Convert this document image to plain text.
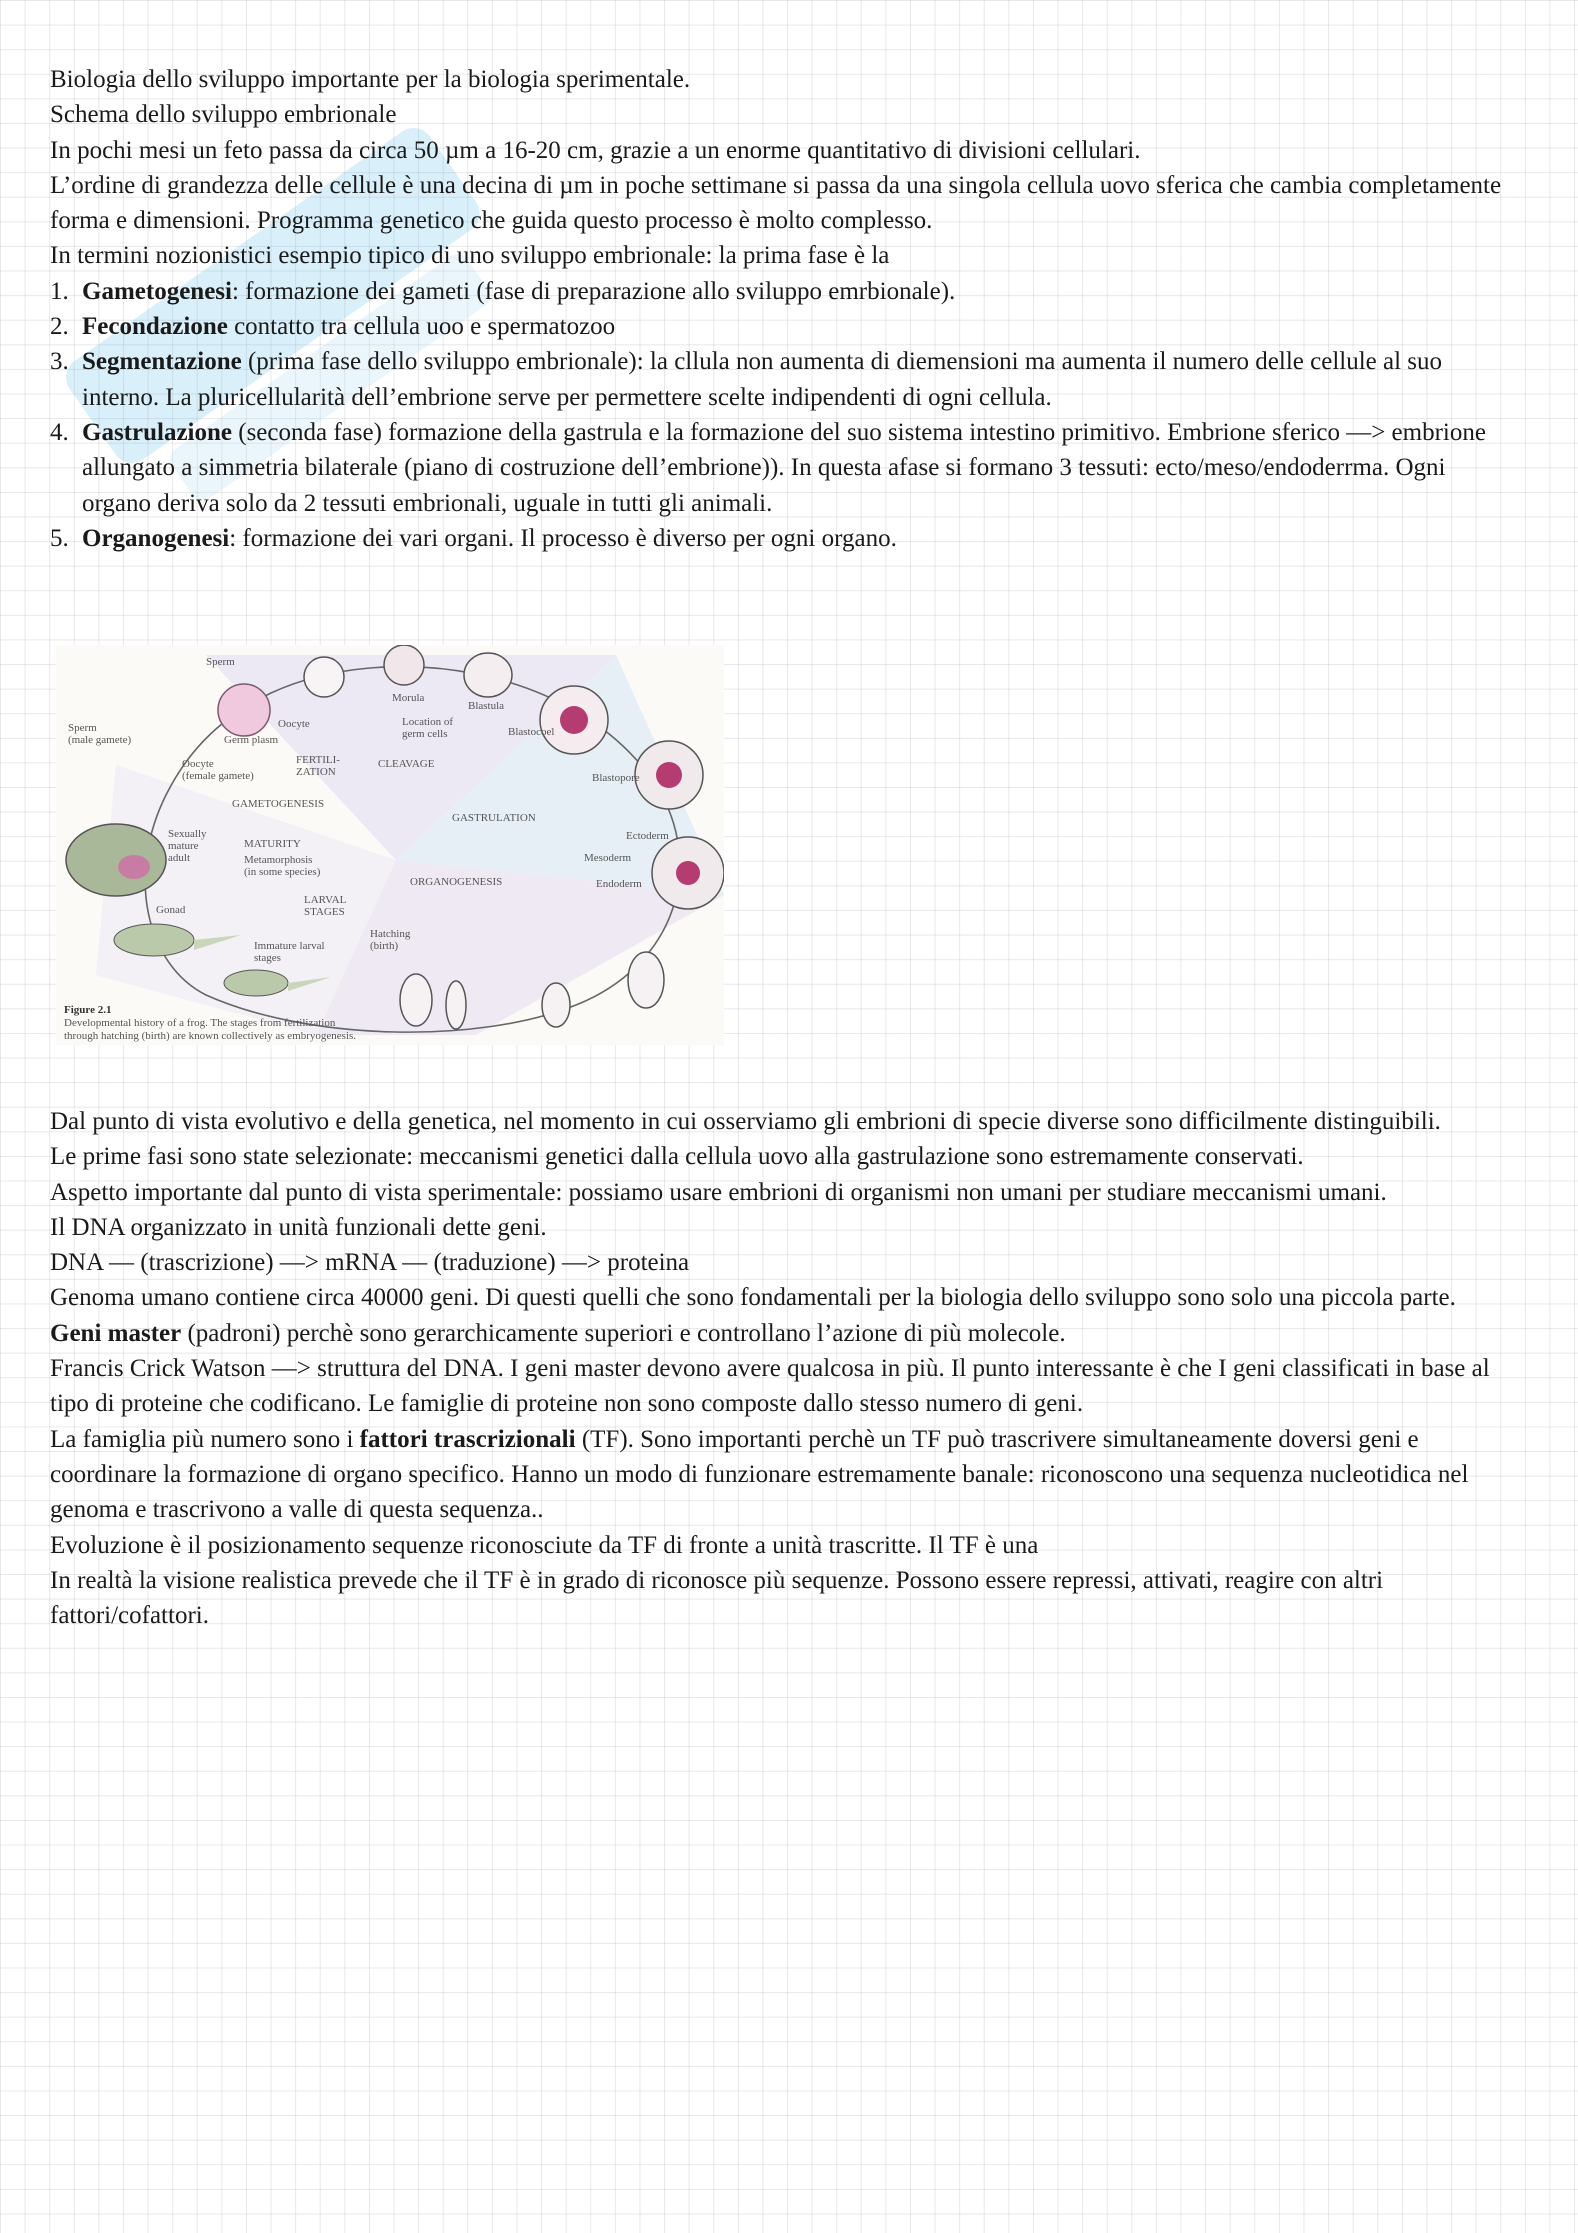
Biologia dello sviluppo importante per la biologia sperimentale.

Schema dello sviluppo embrionale

In pochi mesi un feto passa da circa 50 µm a 16-20 cm, grazie a un enorme quantitativo di divisioni cellulari.

L’ordine di grandezza delle cellule è una decina di µm in poche settimane si passa da una singola cellula uovo sferica che cambia completamente forma e dimensioni. Programma genetico che guida questo processo è molto complesso.

In termini nozionistici esempio tipico di uno sviluppo embrionale: la prima fase è la

1. Gametogenesi: formazione dei gameti (fase di preparazione allo sviluppo emrbionale).
2. Fecondazione contatto tra cellula uoo e spermatozoo
3. Segmentazione (prima fase dello sviluppo embrionale): la cllula non aumenta di diemensioni ma aumenta il numero delle cellule al suo interno. La pluricellularità dell’embrione serve per permettere scelte indipendenti di ogni cellula.
4. Gastrulazione (seconda fase) formazione della gastrula e la formazione del suo sistema intestino primitivo. Embrione sferico —> embrione allungato a simmetria bilaterale (piano di costruzione dell’embrione)). In questa afase si formano 3 tessuti: ecto/meso/endoderrma. Ogni organo deriva solo da 2 tessuti embrionali, uguale in tutti gli animali.
5. Organogenesi: formazione dei vari organi. Il processo è diverso per ogni organo.
Sperm
Sperm
(male gamete)
Oocyte
Germ plasm
Oocyte
(female gamete)
FERTILI-
ZATION
CLEAVAGE
Morula
Location of
germ cells
Blastula
Blastocoel
Blastopore
GAMETOGENESIS
GASTRULATION
Ectoderm
Mesoderm
Endoderm
Sexually
mature
adult
MATURITY
Metamorphosis
(in some species)
ORGANOGENESIS
LARVAL
STAGES
Gonad
Hatching
(birth)
Immature larval
stages
Figure 2.1
Developmental history of a frog. The stages from fertilization
through hatching (birth) are known collectively as embryogenesis.

Dal punto di vista evolutivo e della genetica, nel momento in cui osserviamo gli embrioni di specie diverse sono difficilmente distinguibili.

Le prime fasi sono state selezionate: meccanismi genetici dalla cellula uovo alla gastrulazione sono estremamente conservati.

Aspetto importante dal punto di vista sperimentale: possiamo usare embrioni di organismi non umani per studiare meccanismi umani.

Il DNA organizzato in unità funzionali dette geni.

DNA — (trascrizione) —> mRNA — (traduzione) —> proteina

Genoma umano contiene circa 40000 geni. Di questi quelli che sono fondamentali per la biologia dello sviluppo sono solo una piccola parte.

Geni master (padroni) perchè sono gerarchicamente superiori e controllano l’azione di più molecole.

Francis Crick Watson —> struttura del DNA. I geni master devono avere qualcosa in più. Il punto interessante è che I geni classificati in base al tipo di proteine che codificano. Le famiglie di proteine non sono composte dallo stesso numero di geni.

La famiglia più numero sono i fattori trascrizionali (TF). Sono importanti perchè un TF può trascrivere simultaneamente doversi geni e coordinare la formazione di organo specifico. Hanno un modo di funzionare estremamente banale: riconoscono una sequenza nucleotidica nel genoma e trascrivono a valle di questa sequenza..

Evoluzione è il posizionamento sequenze riconosciute da TF di fronte a unità trascritte. Il TF è una

In realtà la visione realistica prevede che il TF è in grado di riconosce più sequenze. Possono essere repressi, attivati, reagire con altri fattori/cofattori.
